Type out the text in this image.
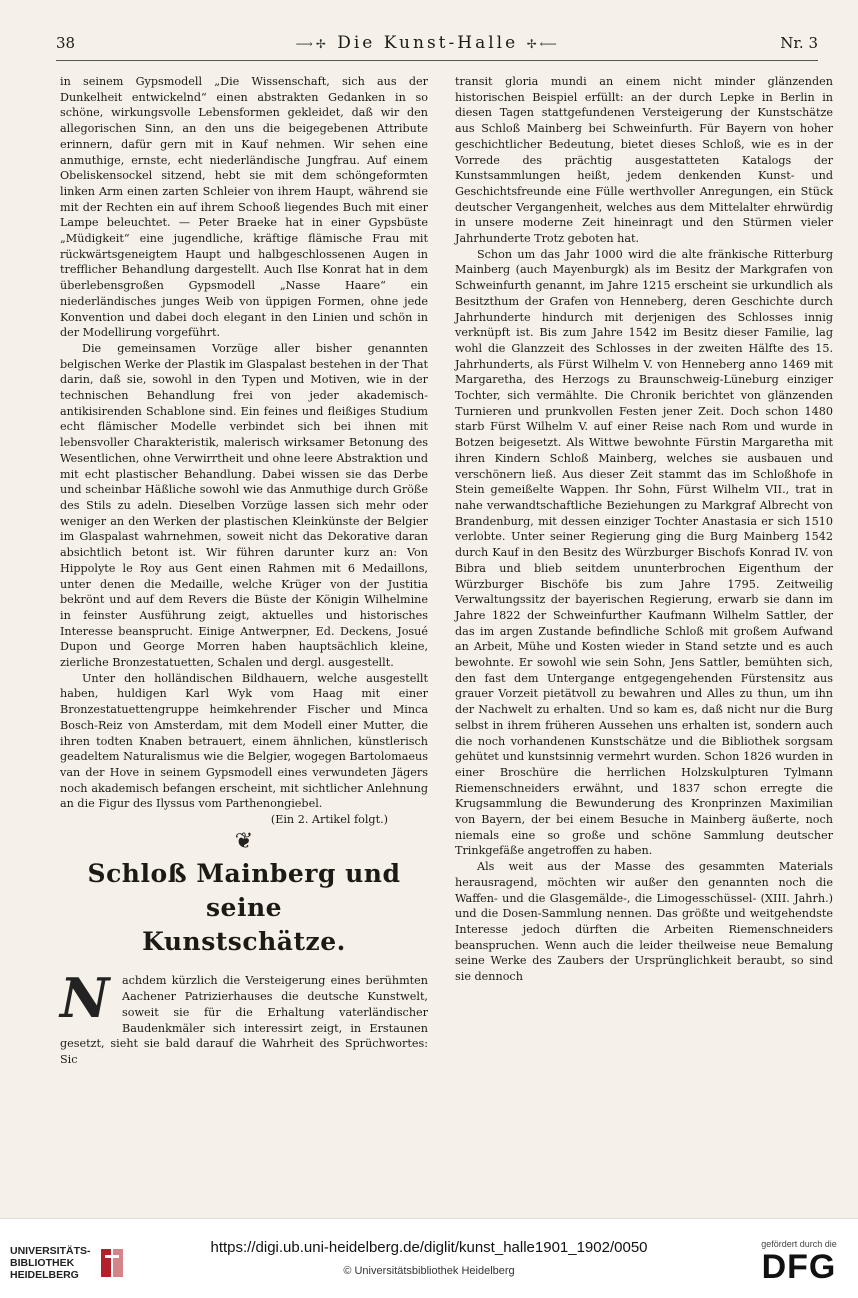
38	⟶✢ Die Kunst-Halle ✢⟵	Nr. 3

in seinem Gypsmodell „Die Wissenschaft, sich aus der Dunkelheit entwickelnd“ einen abstrakten Gedanken in so schöne, wirkungsvolle Lebensformen gekleidet, daß wir den allegorischen Sinn, an den uns die beigegebenen Attribute erinnern, dafür gern mit in Kauf nehmen. Wir sehen eine anmuthige, ernste, echt niederländische Jungfrau. Auf einem Obeliskensockel sitzend, hebt sie mit dem schöngeformten linken Arm einen zarten Schleier von ihrem Haupt, während sie mit der Rechten ein auf ihrem Schooß liegendes Buch mit einer Lampe beleuchtet. — Peter Braeke hat in einer Gypsbüste „Müdigkeit“ eine jugendliche, kräftige flämische Frau mit rückwärtsgeneigtem Haupt und halbgeschlossenen Augen in trefflicher Behandlung dargestellt. Auch Ilse Konrat hat in dem überlebensgroßen Gypsmodell „Nasse Haare“ ein niederländisches junges Weib von üppigen Formen, ohne jede Konvention und dabei doch elegant in den Linien und schön in der Modellirung vorgeführt.

Die gemeinsamen Vorzüge aller bisher genannten belgischen Werke der Plastik im Glaspalast bestehen in der That darin, daß sie, sowohl in den Typen und Motiven, wie in der technischen Behandlung frei von jeder akademisch-antikisirenden Schablone sind. Ein feines und fleißiges Studium echt flämischer Modelle verbindet sich bei ihnen mit lebensvoller Charakteristik, malerisch wirksamer Betonung des Wesentlichen, ohne Verwirrtheit und ohne leere Abstraktion und mit echt plastischer Behandlung. Dabei wissen sie das Derbe und scheinbar Häßliche sowohl wie das Anmuthige durch Größe des Stils zu adeln. Dieselben Vorzüge lassen sich mehr oder weniger an den Werken der plastischen Kleinkünste der Belgier im Glaspalast wahrnehmen, soweit nicht das Dekorative daran absichtlich betont ist. Wir führen darunter kurz an: Von Hippolyte le Roy aus Gent einen Rahmen mit 6 Medaillons, unter denen die Medaille, welche Krüger von der Justitia bekrönt und auf dem Revers die Büste der Königin Wilhelmine in feinster Ausführung zeigt, aktuelles und historisches Interesse beansprucht. Einige Antwerpner, Ed. Deckens, Josué Dupon und George Morren haben hauptsächlich kleine, zierliche Bronzestatuetten, Schalen und dergl. ausgestellt.

Unter den holländischen Bildhauern, welche ausgestellt haben, huldigen Karl Wyk vom Haag mit einer Bronzestatuettengruppe heimkehrender Fischer und Minca Bosch-Reiz von Amsterdam, mit dem Modell einer Mutter, die ihren todten Knaben betrauert, einem ähnlichen, künstlerisch geadeltem Naturalismus wie die Belgier, wogegen Bartolomaeus van der Hove in seinem Gypsmodell eines verwundeten Jägers noch akademisch befangen erscheint, mit sichtlicher Anlehnung an die Figur des Ilyssus vom Parthenongiebel.

(Ein 2. Artikel folgt.)

❦
Schloß Mainberg und seine
Kunstschätze.
N	achdem kürzlich die Versteigerung eines berühmten Aachener Patrizierhauses die deutsche Kunstwelt, soweit sie für die Erhaltung vaterländischer Baudenkmäler sich interessirt zeigt, in Erstaunen gesetzt, sieht sie bald darauf die Wahrheit des Sprüchwortes: Sic

transit gloria mundi an einem nicht minder glänzenden historischen Beispiel erfüllt: an der durch Lepke in Berlin in diesen Tagen stattgefundenen Versteigerung der Kunstschätze aus Schloß Mainberg bei Schweinfurth. Für Bayern von hoher geschichtlicher Bedeutung, bietet dieses Schloß, wie es in der Vorrede des prächtig ausgestatteten Katalogs der Kunstsammlungen heißt, jedem denkenden Kunst- und Geschichtsfreunde eine Fülle werthvoller Anregungen, ein Stück deutscher Vergangenheit, welches aus dem Mittelalter ehrwürdig in unsere moderne Zeit hineinragt und den Stürmen vieler Jahrhunderte Trotz geboten hat.

Schon um das Jahr 1000 wird die alte fränkische Ritterburg Mainberg (auch Mayenburgk) als im Besitz der Markgrafen von Schweinfurth genannt, im Jahre 1215 erscheint sie urkundlich als Besitzthum der Grafen von Henneberg, deren Geschichte durch Jahrhunderte hindurch mit derjenigen des Schlosses innig verknüpft ist. Bis zum Jahre 1542 im Besitz dieser Familie, lag wohl die Glanzzeit des Schlosses in der zweiten Hälfte des 15. Jahrhunderts, als Fürst Wilhelm V. von Henneberg anno 1469 mit Margaretha, des Herzogs zu Braunschweig-Lüneburg einziger Tochter, sich vermählte. Die Chronik berichtet von glänzenden Turnieren und prunkvollen Festen jener Zeit. Doch schon 1480 starb Fürst Wilhelm V. auf einer Reise nach Rom und wurde in Botzen beigesetzt. Als Wittwe bewohnte Fürstin Margaretha mit ihren Kindern Schloß Mainberg, welches sie ausbauen und verschönern ließ. Aus dieser Zeit stammt das im Schloßhofe in Stein gemeißelte Wappen. Ihr Sohn, Fürst Wilhelm VII., trat in nahe verwandtschaftliche Beziehungen zu Markgraf Albrecht von Brandenburg, mit dessen einziger Tochter Anastasia er sich 1510 verlobte. Unter seiner Regierung ging die Burg Mainberg 1542 durch Kauf in den Besitz des Würzburger Bischofs Konrad IV. von Bibra und blieb seitdem ununterbrochen Eigenthum der Würzburger Bischöfe bis zum Jahre 1795. Zeitweilig Verwaltungssitz der bayerischen Regierung, erwarb sie dann im Jahre 1822 der Schweinfurther Kaufmann Wilhelm Sattler, der das im argen Zustande befindliche Schloß mit großem Aufwand an Arbeit, Mühe und Kosten wieder in Stand setzte und es auch bewohnte. Er sowohl wie sein Sohn, Jens Sattler, bemühten sich, den fast dem Untergange entgegengehenden Fürstensitz aus grauer Vorzeit pietätvoll zu bewahren und Alles zu thun, um ihn der Nachwelt zu erhalten. Und so kam es, daß nicht nur die Burg selbst in ihrem früheren Aussehen uns erhalten ist, sondern auch die noch vorhandenen Kunstschätze und die Bibliothek sorgsam gehütet und kunstsinnig vermehrt wurden. Schon 1826 wurden in einer Broschüre die herrlichen Holzskulpturen Tylmann Riemenschneiders erwähnt, und 1837 schon erregte die Krugsammlung die Bewunderung des Kronprinzen Maximilian von Bayern, der bei einem Besuche in Mainberg äußerte, noch niemals eine so große und schöne Sammlung deutscher Trinkgefäße angetroffen zu haben.

Als weit aus der Masse des gesammten Materials herausragend, möchten wir außer den genannten noch die Waffen- und die Glasgemälde-, die Limogesschüssel- (XIII. Jahrh.) und die Dosen-Sammlung nennen. Das größte und weitgehendste Interesse jedoch dürften die Arbeiten Riemenschneiders beanspruchen. Wenn auch die leider theilweise neue Bemalung seine Werke des Zaubers der Ursprünglichkeit beraubt, so sind sie dennoch

UNIVERSITÄTS-
BIBLIOTHEK
HEIDELBERG
https://digi.ub.uni-heidelberg.de/diglit/kunst_halle1901_1902/0050
© Universitätsbibliothek Heidelberg
gefördert durch die
DFG
